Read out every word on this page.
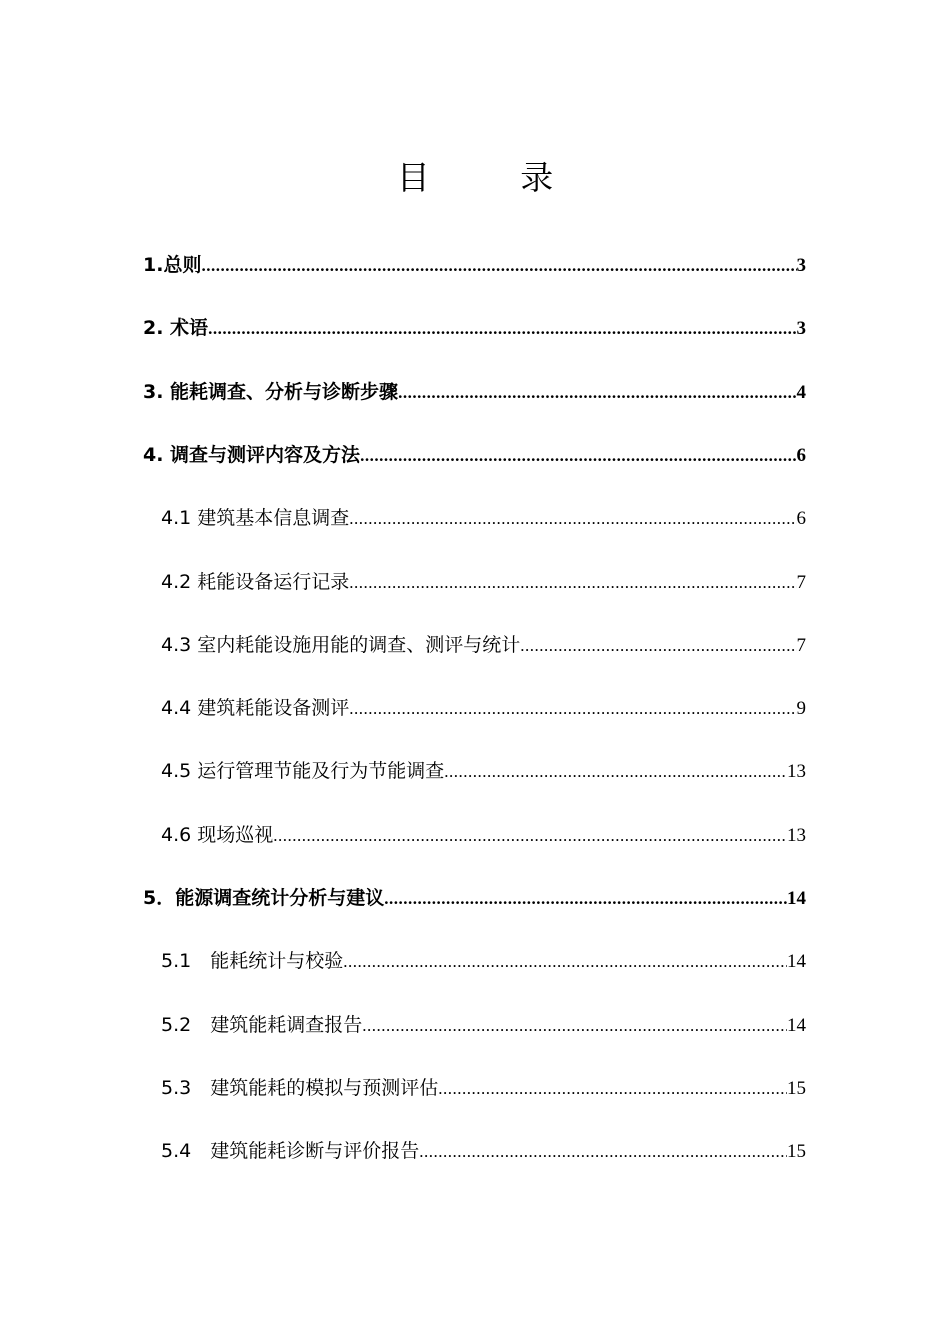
目 录
1.总则 .....	3
2. 术语 .....	3
3. 能耗调查、分析与诊断步骤 .....	4
4. 调查与测评内容及方法 .....	6
4.1 建筑基本信息调查 .....	6
4.2 耗能设备运行记录 .....	7
4.3 室内耗能设施用能的调查、测评与统计 .....	7
4.4 建筑耗能设备测评 .....	9
4.5 运行管理节能及行为节能调查 .....	13
4.6 现场巡视 .....	13
5．能源调查统计分析与建议 .....	14
5.1　能耗统计与校验 .....	14
5.2　建筑能耗调查报告 .....	14
5.3　建筑能耗的模拟与预测评估 .....	15
5.4　建筑能耗诊断与评价报告 .....	15
